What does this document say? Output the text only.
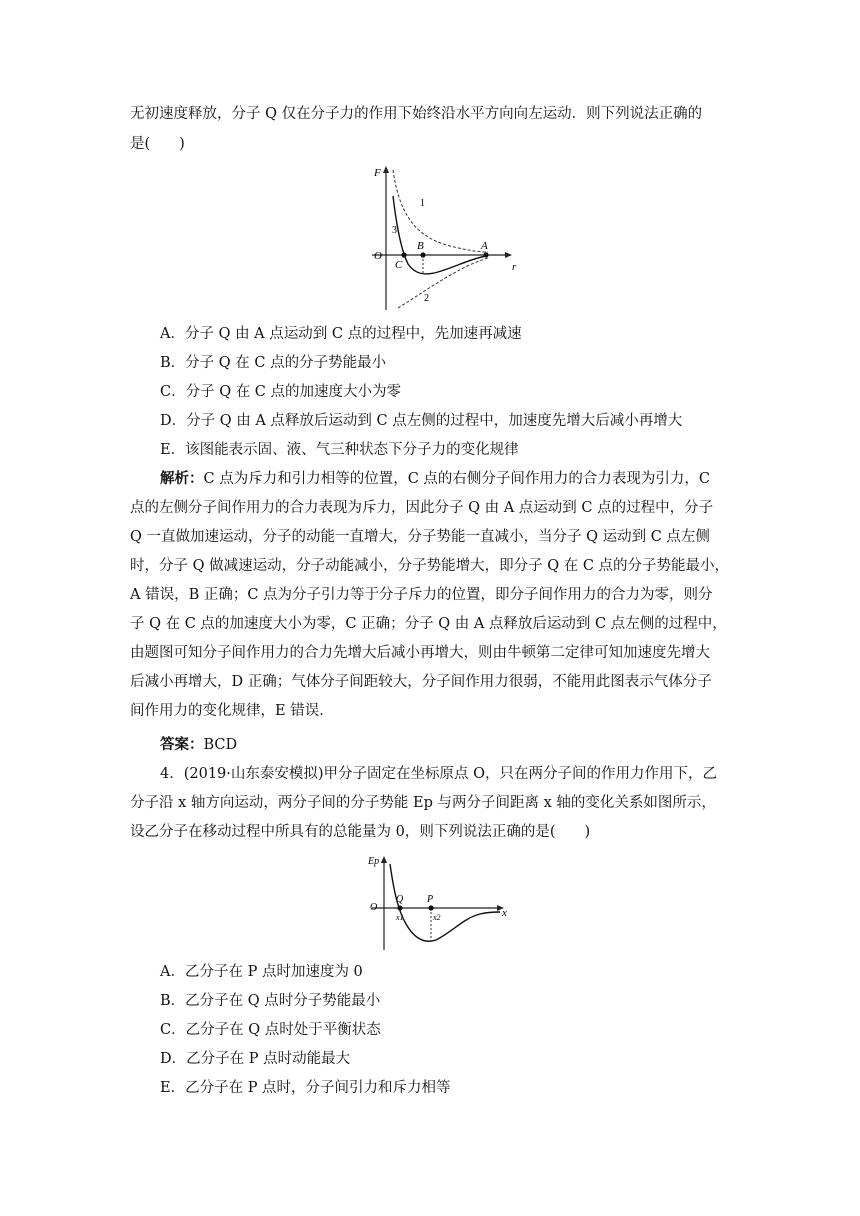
无初速度释放，分子 Q 仅在分子力的作用下始终沿水平方向向左运动．则下列说法正确的
是(　　)
F
O
r
1
2
3
A
B
C
A．分子 Q 由 A 点运动到 C 点的过程中，先加速再减速
B．分子 Q 在 C 点的分子势能最小
C．分子 Q 在 C 点的加速度大小为零
D．分子 Q 由 A 点释放后运动到 C 点左侧的过程中，加速度先增大后减小再增大
E．该图能表示固、液、气三种状态下分子力的变化规律
解析：C 点为斥力和引力相等的位置，C 点的右侧分子间作用力的合力表现为引力，C
点的左侧分子间作用力的合力表现为斥力，因此分子 Q 由 A 点运动到 C 点的过程中，分子
Q 一直做加速运动，分子的动能一直增大，分子势能一直减小，当分子 Q 运动到 C 点左侧
时，分子 Q 做减速运动，分子动能减小，分子势能增大，即分子 Q 在 C 点的分子势能最小，
A 错误，B 正确；C 点为分子引力等于分子斥力的位置，即分子间作用力的合力为零，则分
子 Q 在 C 点的加速度大小为零，C 正确；分子 Q 由 A 点释放后运动到 C 点左侧的过程中，
由题图可知分子间作用力的合力先增大后减小再增大，则由牛顿第二定律可知加速度先增大
后减小再增大，D 正确；气体分子间距较大，分子间作用力很弱，不能用此图表示气体分子
间作用力的变化规律，E 错误．
答案：BCD
4．(2019·山东泰安模拟)甲分子固定在坐标原点 O，只在两分子间的作用力作用下，乙
分子沿 x 轴方向运动，两分子间的分子势能 Ep 与两分子间距离 x 轴的变化关系如图所示，
设乙分子在移动过程中所具有的总能量为 0，则下列说法正确的是(　　)
Ep
O	x
Q P
x1	x2
A．乙分子在 P 点时加速度为 0
B．乙分子在 Q 点时分子势能最小
C．乙分子在 Q 点时处于平衡状态
D．乙分子在 P 点时动能最大
E．乙分子在 P 点时，分子间引力和斥力相等
